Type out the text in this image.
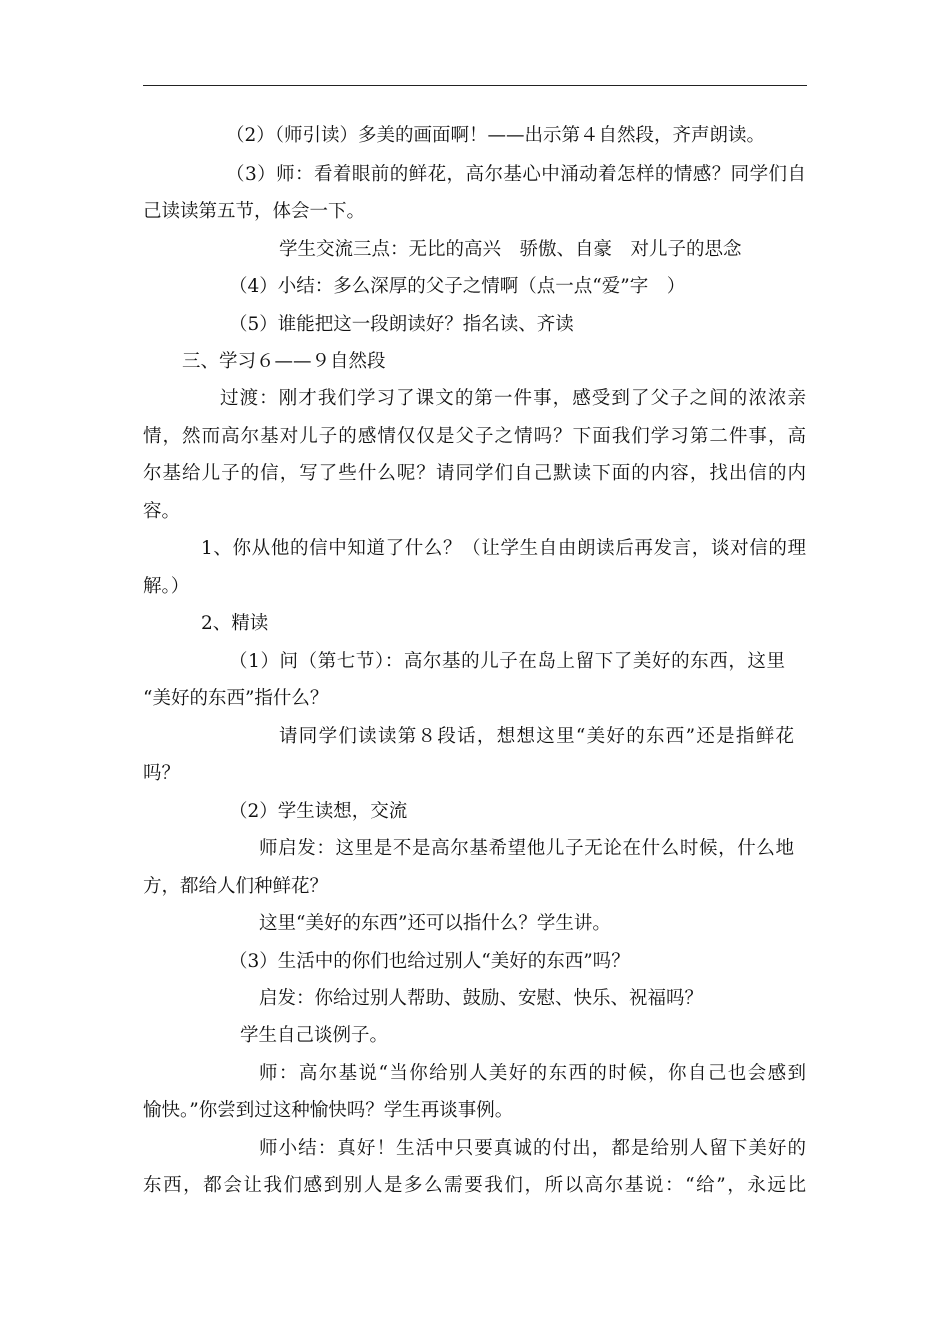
（2）（师引读）多美的画面啊！——出示第４自然段，齐声朗读。
（3）师：看着眼前的鲜花，高尔基心中涌动着怎样的情感？同学们自
己读读第五节，体会一下。
学生交流三点：无比的高兴　骄傲、自豪　对儿子的思念
（4）小结：多么深厚的父子之情啊（点一点“爱”字　）
（5）谁能把这一段朗读好？指名读、齐读
三、学习６——９自然段
过渡：刚才我们学习了课文的第一件事，感受到了父子之间的浓浓亲
情，然而高尔基对儿子的感情仅仅是父子之情吗？下面我们学习第二件事，高
尔基给儿子的信，写了些什么呢？请同学们自己默读下面的内容，找出信的内
容。
1、你从他的信中知道了什么？（让学生自由朗读后再发言，谈对信的理
解。）
2、精读
（1）问（第七节）：高尔基的儿子在岛上留下了美好的东西，这里
“美好的东西”指什么？
请同学们读读第８段话，想想这里“美好的东西”还是指鲜花
吗？
（2）学生读想，交流
师启发：这里是不是高尔基希望他儿子无论在什么时候，什么地
方，都给人们种鲜花？
这里“美好的东西”还可以指什么？学生讲。
（3）生活中的你们也给过别人“美好的东西”吗？
启发：你给过别人帮助、鼓励、安慰、快乐、祝福吗？
学生自己谈例子。
师：高尔基说“当你给别人美好的东西的时候，你自己也会感到
愉快。”你尝到过这种愉快吗？学生再谈事例。
师小结：真好！生活中只要真诚的付出，都是给别人留下美好的
东西，都会让我们感到别人是多么需要我们，所以高尔基说：“给”，永远比
